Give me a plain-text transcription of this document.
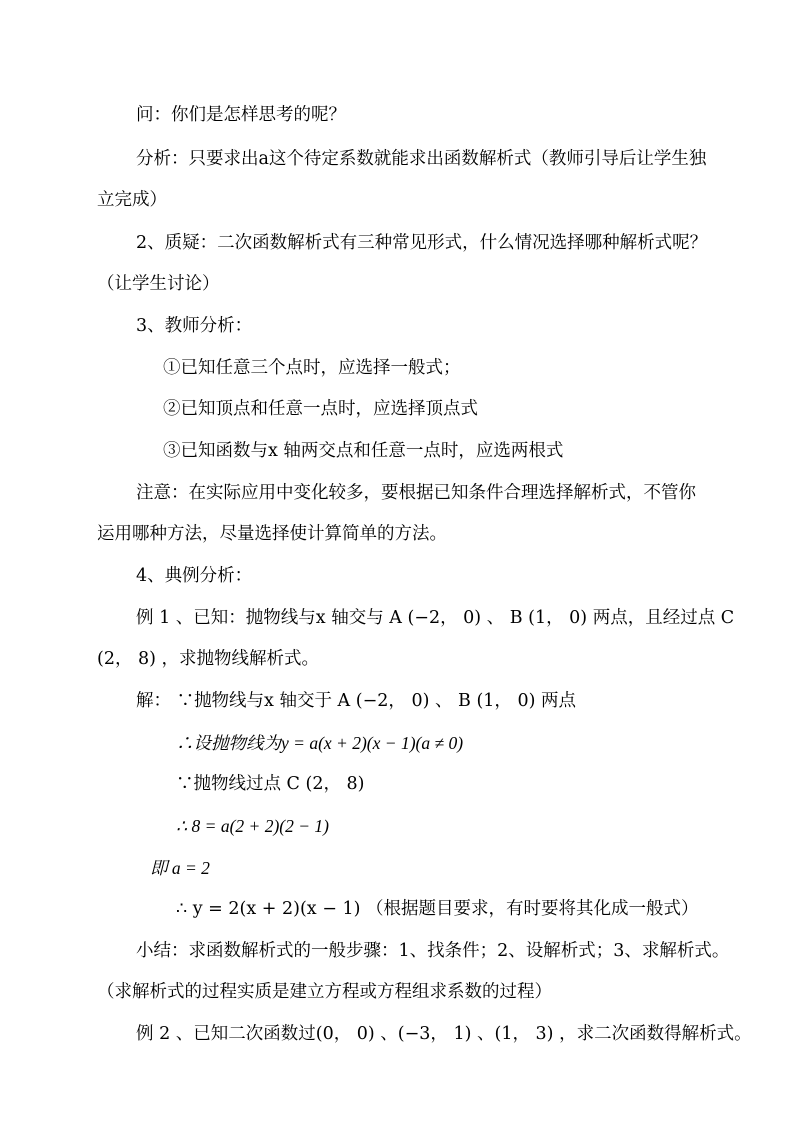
问：你们是怎样思考的呢？
分析：只要求出a这个待定系数就能求出函数解析式（教师引导后让学生独
立完成）
2、质疑：二次函数解析式有三种常见形式，什么情况选择哪种解析式呢？
（让学生讨论）
3、教师分析：
①已知任意三个点时，应选择一般式；
②已知顶点和任意一点时，应选择顶点式
③已知函数与x 轴两交点和任意一点时，应选两根式
注意：在实际应用中变化较多，要根据已知条件合理选择解析式，不管你
运用哪种方法，尽量选择使计算简单的方法。
4、典例分析：
例 1 、已知：抛物线与x 轴交与 A (−2， 0) 、 B (1， 0) 两点，且经过点 C
(2， 8) ，求抛物线解析式。
解： ∵抛物线与x 轴交于 A (−2， 0) 、 B (1， 0) 两点
∴设抛物线为y = a(x + 2)(x − 1)(a ≠ 0)
∵抛物线过点 C (2， 8)
∴ 8 = a(2 + 2)(2 − 1)
即 a = 2
∴ y = 2(x + 2)(x − 1) （根据题目要求，有时要将其化成一般式）
小结：求函数解析式的一般步骤：1、找条件；2、设解析式；3、求解析式。
（求解析式的过程实质是建立方程或方程组求系数的过程）
例 2 、已知二次函数过(0， 0) 、(−3， 1) 、(1， 3) ，求二次函数得解析式。
